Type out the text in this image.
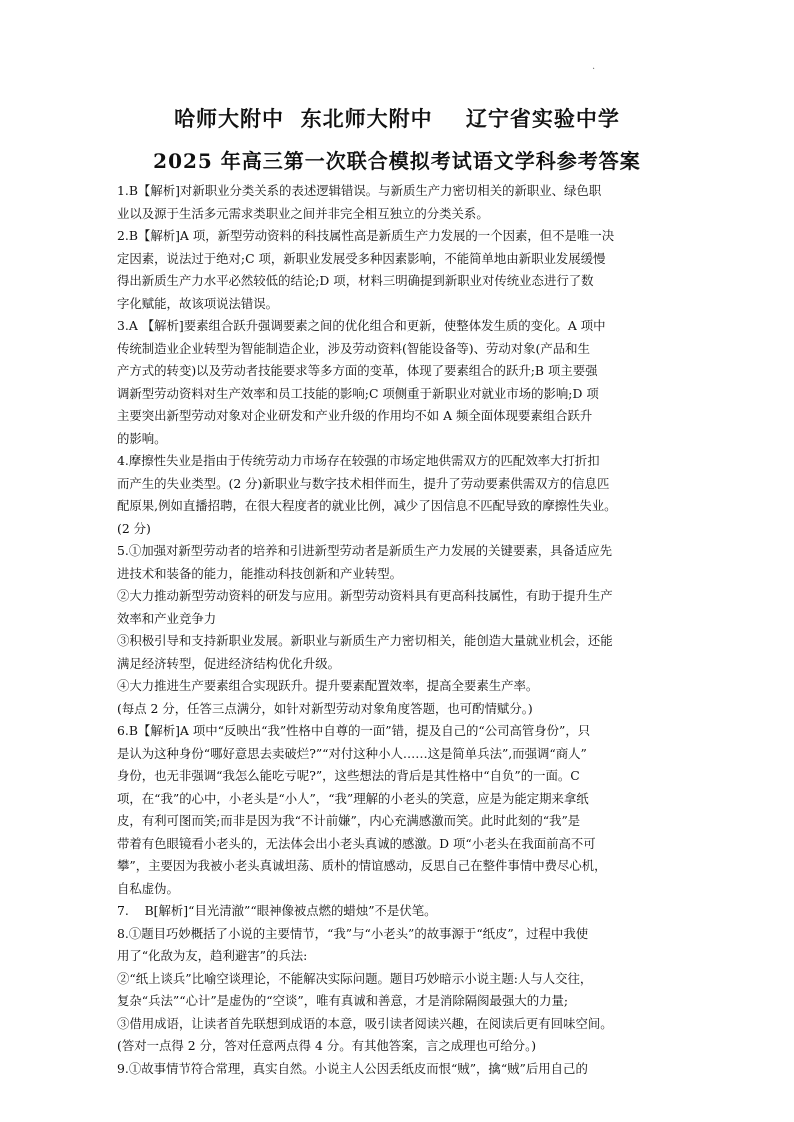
·
哈师大附中  东北师大附中    辽宁省实验中学
2025 年高三第一次联合模拟考试语文学科参考答案
1.B【解析]对新职业分类关系的表述逻辑错误。与新质生产力密切相关的新职业、绿色职
业以及源于生活多元需求类职业之间并非完全相互独立的分类关系。
2.B【解析]A 项，新型劳动资料的科技属性高是新质生产力发展的一个因素，但不是唯一决
定因素，说法过于绝对;C 项，新职业发展受多种因素影响，不能简单地由新职业发展缓慢
得出新质生产力水平必然较低的结论;D 项，材料三明确提到新职业对传统业态进行了数
字化赋能，故该项说法错误。
3.A 【解析]要素组合跃升强调要素之间的优化组合和更新，使整体发生质的变化。A 项中
传统制造业企业转型为智能制造企业，涉及劳动资料(智能设备等)、劳动对象(产品和生
产方式的转变)以及劳动者技能要求等多方面的变革，体现了要素组合的跃升;B 项主要强
调新型劳动资料对生产效率和员工技能的影响;C 项侧重于新职业对就业市场的影响;D 项
主要突出新型劳动对象对企业研发和产业升级的作用均不如 A 频全面体现要素组合跃升
的影响。
4.摩擦性失业是指由于传统劳动力市场存在较强的市场定地供需双方的匹配效率大打折扣
而产生的失业类型。(2 分)新职业与数字技术相伴而生，提升了劳动要素供需双方的信息匹
配原果,例如直播招聘，在很大程度者的就业比例，减少了因信息不匹配导致的摩擦性失业。
(2 分)
5.①加强对新型劳动者的培养和引进新型劳动者是新质生产力发展的关键要素，具备适应先
进技术和装备的能力，能推动科技创新和产业转型。
②大力推动新型劳动资料的研发与应用。新型劳动资料具有更高科技属性，有助于提升生产
效率和产业竞争力
③积极引导和支持新职业发展。新职业与新质生产力密切相关，能创造大量就业机会，还能
满足经济转型，促进经济结构优化升级。
④大力推进生产要素组合实现跃升。提升要素配置效率，提高全要素生产率。
(每点 2 分，任答三点满分，如针对新型劳动对象角度答题，也可酌情赋分。)
6.B【解析]A 项中“反映出“我”性格中自尊的一面”错，提及自己的“公司高管身份”，只
是认为这种身份“哪好意思去卖破烂?”“对付这种小人……这是简单兵法”,而强调“商人”
身份，也无非强调“我怎么能吃亏呢?”，这些想法的背后是其性格中“自负”的一面。C
项，在“我”的心中，小老头是“小人”，“我”理解的小老头的笑意，应是为能定期来拿纸
皮，有利可图而笑;而非是因为我“不计前嫌”，内心充满感激而笑。此时此刻的“我”是
带着有色眼镜看小老头的，无法体会出小老头真诚的感激。D 项“小老头在我面前高不可
攀”，主要因为我被小老头真诚坦荡、质朴的情谊感动，反思自己在整件事情中费尽心机，
自私虚伪。
7.    B[解析]“目光清澈”“眼神像被点燃的蜡烛”不是伏笔。
8.①题目巧妙概括了小说的主要情节，“我”与“小老头”的故事源于“纸皮”，过程中我使
用了“化敌为友，趋利避害”的兵法:
②“纸上谈兵”比喻空谈理论，不能解决实际问题。题目巧妙暗示小说主题:人与人交往，
复杂“兵法”“心计”是虚伪的“空谈”，唯有真诚和善意，才是消除隔阂最强大的力量;
③借用成语，让读者首先联想到成语的本意，吸引读者阅读兴趣，在阅读后更有回味空间。
(答对一点得 2 分，答对任意两点得 4 分。有其他答案，言之成理也可给分。)
9.①故事情节符合常理，真实自然。小说主人公因丢纸皮而恨“贼”，擒“贼”后用自己的
